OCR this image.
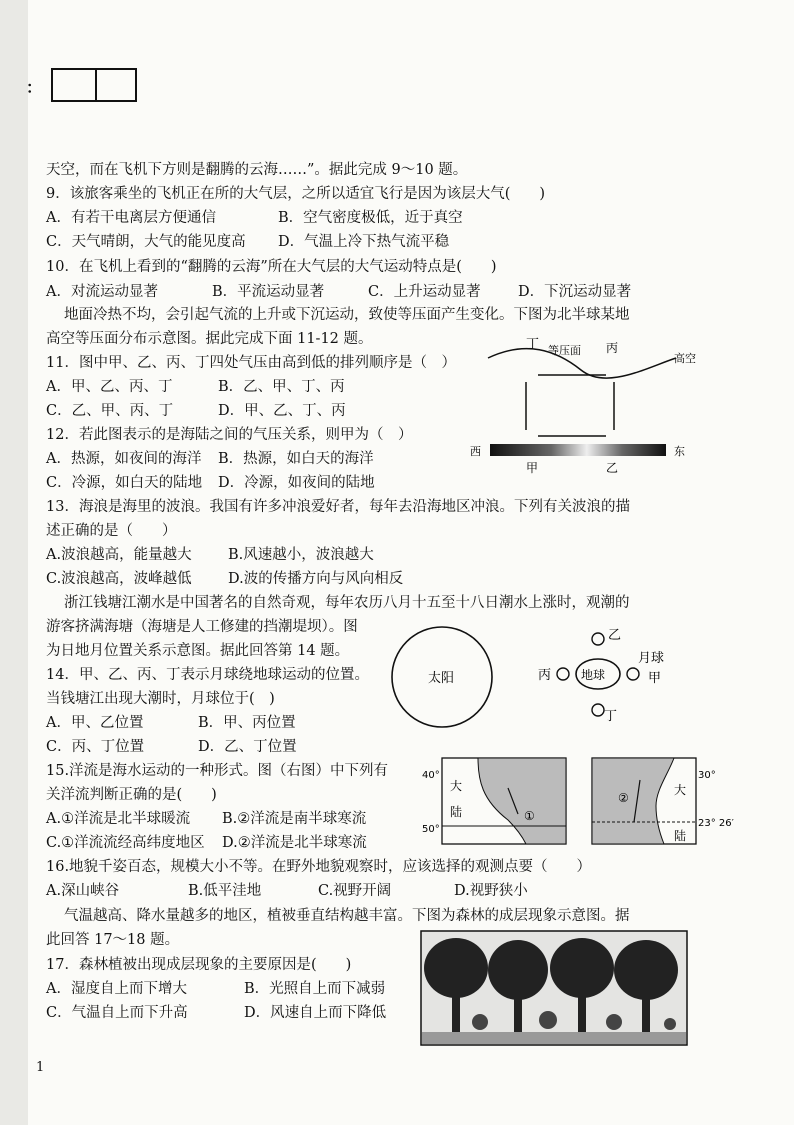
：
天空，而在飞机下方则是翻腾的云海……”。据此完成 9～10 题。
9．该旅客乘坐的飞机正在所的大气层，之所以适宜飞行是因为该层大气(　　)
A．有若干电离层方便通信	B．空气密度极低，近于真空
C．天气晴朗，大气的能见度高 D．气温上冷下热气流平稳
10．在飞机上看到的“翻腾的云海”所在大气层的大气运动特点是(　　)
A．对流运动显著	B．平流运动显著	C．上升运动显著	D．下沉运动显著
地面冷热不均，会引起气流的上升或下沉运动，致使等压面产生变化。下图为北半球某地
高空等压面分布示意图。据此完成下面 11-12 题。
11．图中甲、乙、丙、丁四处气压由高到低的排列顺序是（　）
A．甲、乙、丙、丁	B．乙、甲、丁、丙
C．乙、甲、丙、丁	D．甲、乙、丁、丙
12．若此图表示的是海陆之间的气压关系，则甲为（　）
A．热源，如夜间的海洋 B．热源，如白天的海洋
C．冷源，如白天的陆地 D．冷源，如夜间的陆地
13．海浪是海里的波浪。我国有许多冲浪爱好者，每年去沿海地区冲浪。下列有关波浪的描
述正确的是（　　）
A.波浪越高，能量越大	B.风速越小，波浪越大
C.波浪越高，波峰越低	D.波的传播方向与风向相反
浙江钱塘江潮水是中国著名的自然奇观，每年农历八月十五至十八日潮水上涨时，观潮的
游客挤满海塘（海塘是人工修建的挡潮堤坝）。图
为日地月位置关系示意图。据此回答第 14 题。
14．甲、乙、丙、丁表示月球绕地球运动的位置。
当钱塘江出现大潮时，月球位于(　)
A．甲、乙位置	B．甲、丙位置
C．丙、丁位置	D．乙、丁位置
15.洋流是海水运动的一种形式。图（右图）中下列有
关洋流判断正确的是(　　)
A.①洋流是北半球暖流 B.②洋流是南半球寒流
C.①洋流流经高纬度地区 D.②洋流是北半球寒流
16.地貌千姿百态，规模大小不等。在野外地貌观察时，应该选择的观测点要（　　）
A.深山峡谷	B.低平洼地	C.视野开阔	D.视野狭小
气温越高、降水量越多的地区，植被垂直结构越丰富。下图为森林的成层现象示意图。据
此回答 17～18 题。
17．森林植被出现成层现象的主要原因是(　　)
A．湿度自上而下增大	B．光照自上而下减弱
C．气温自上而下升高	D．风速自上而下降低
1
丁 等压面 丙
高空
西	东
甲	乙
太阳	地球
乙
月球
甲
丙
丁
40°
大
陆	①
50°
②
大
陆
30°
23° 26′
